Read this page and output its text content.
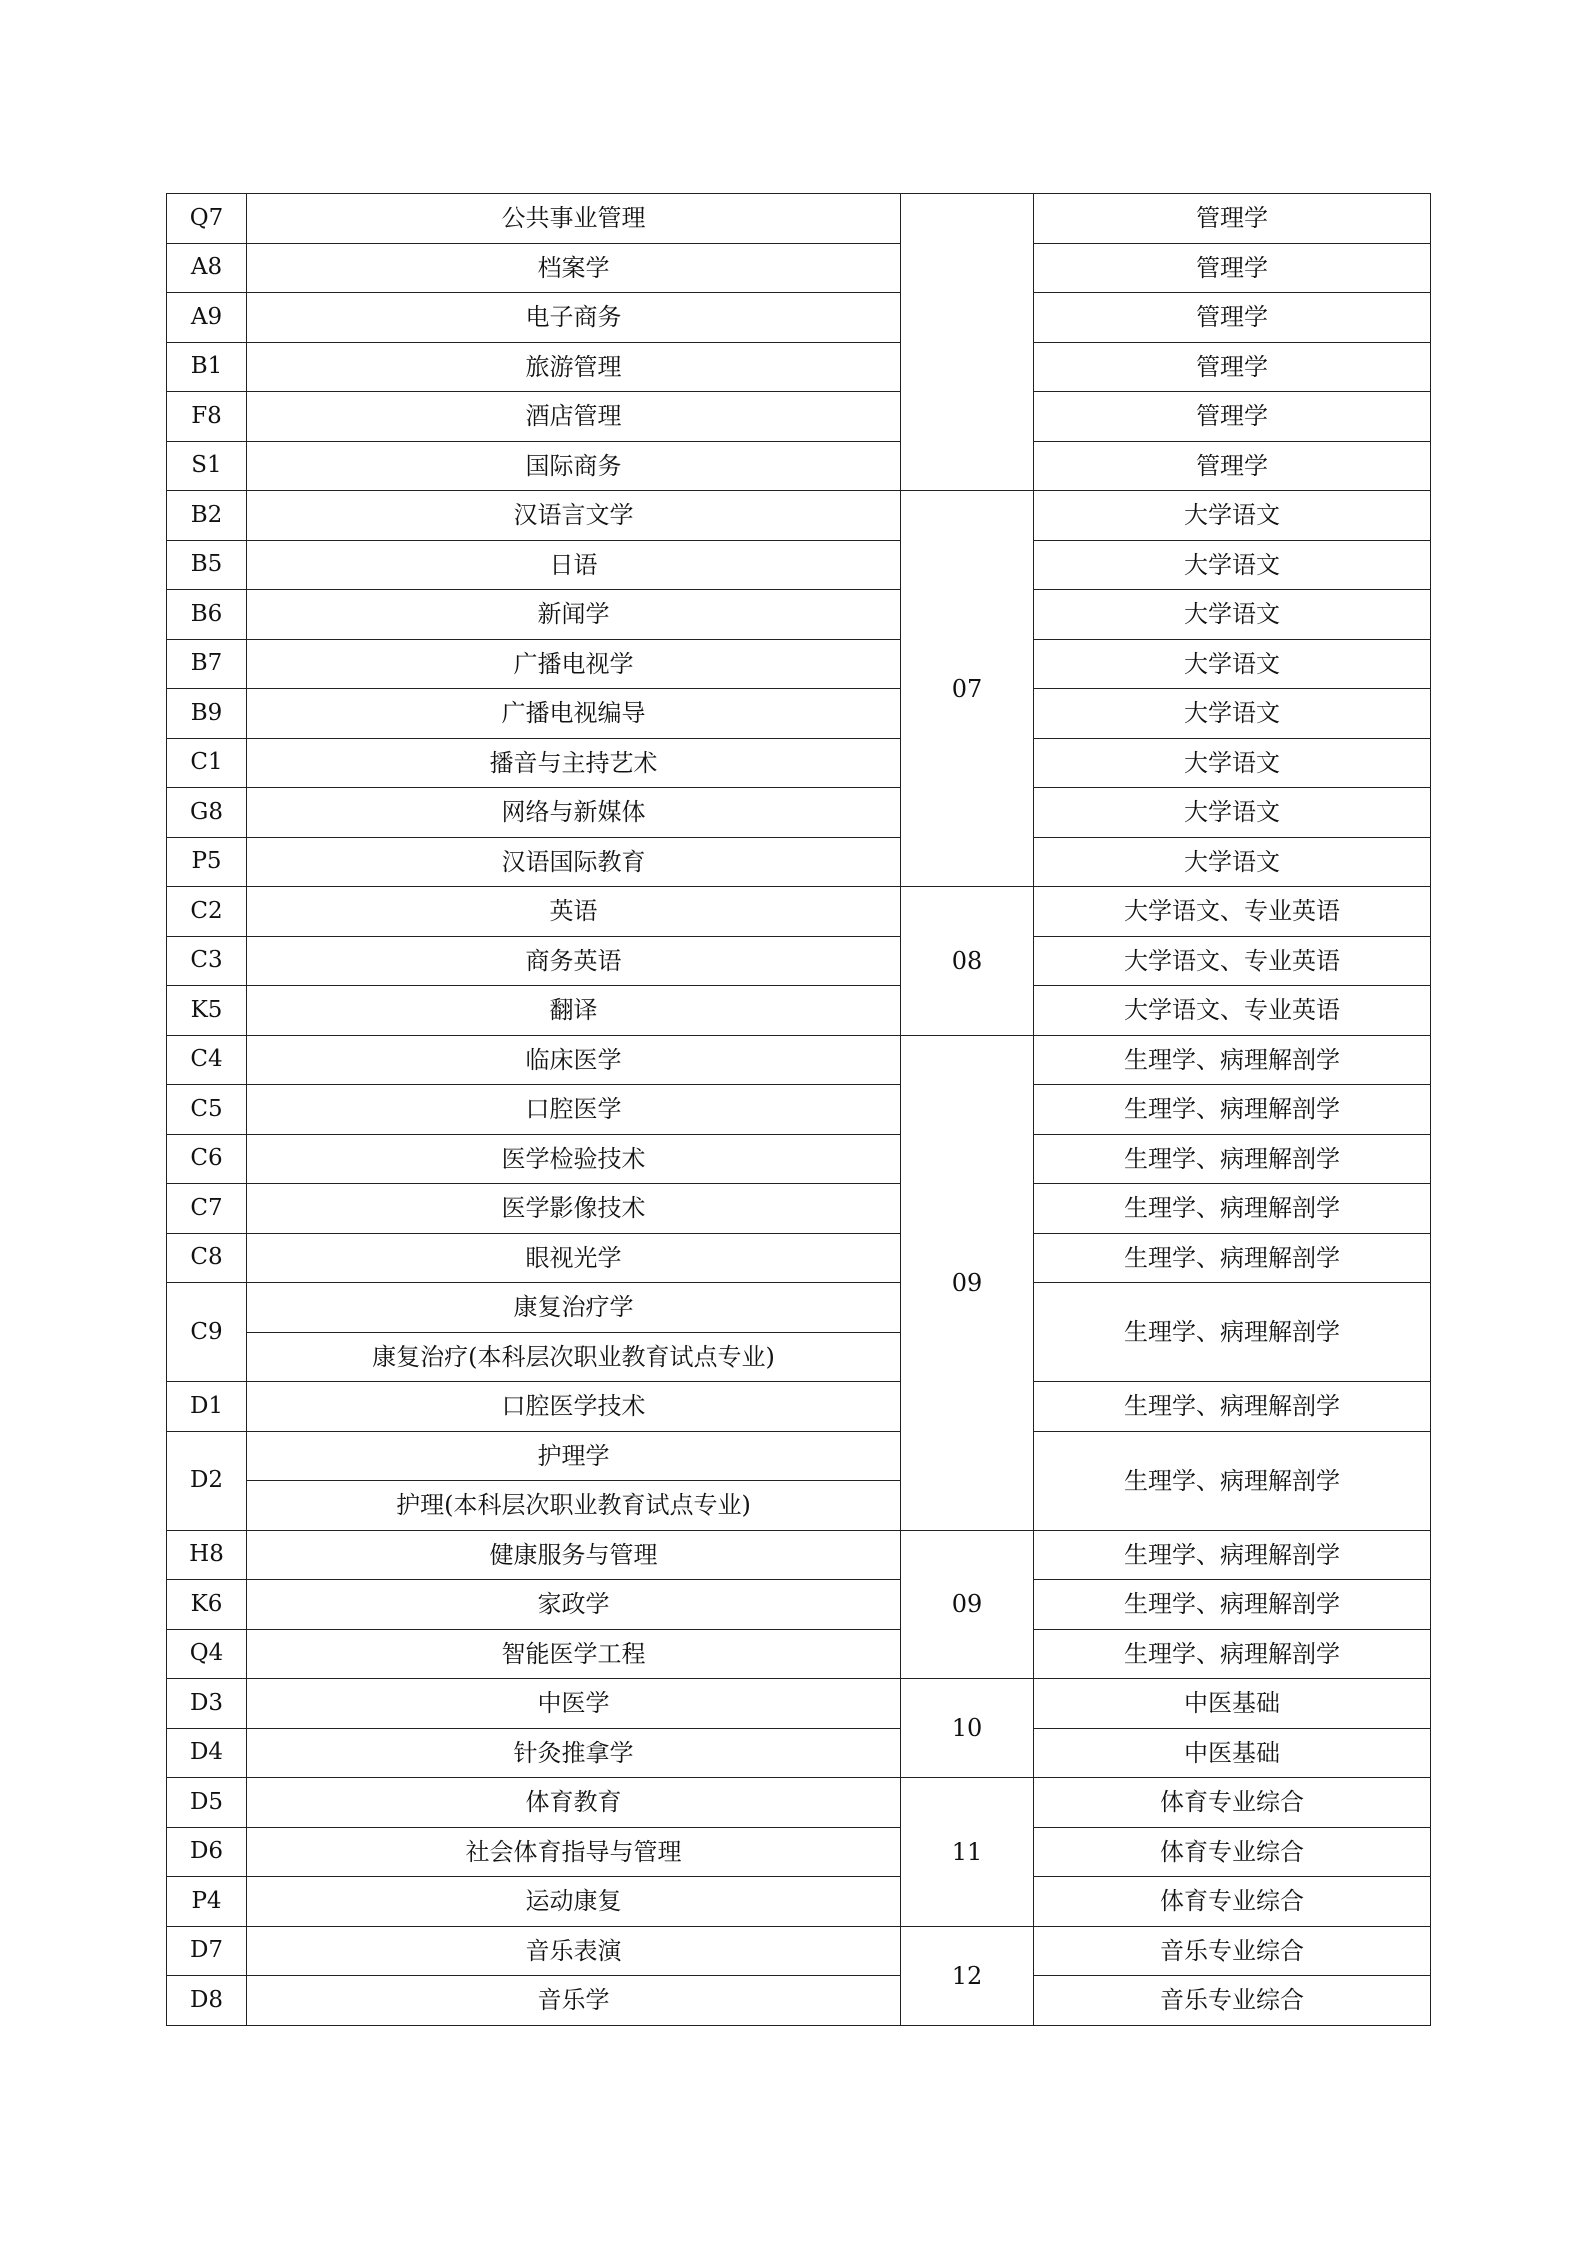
Q7	公共事业管理		管理学
A8	档案学		管理学
A9	电子商务		管理学
B1	旅游管理		管理学
F8	酒店管理		管理学
S1	国际商务		管理学
B2	汉语言文学	07	大学语文
B5	日语		大学语文
B6	新闻学		大学语文
B7	广播电视学		大学语文
B9	广播电视编导		大学语文
C1	播音与主持艺术		大学语文
G8	网络与新媒体		大学语文
P5	汉语国际教育		大学语文
C2	英语	08	大学语文、专业英语
C3	商务英语		大学语文、专业英语
K5	翻译		大学语文、专业英语
C4	临床医学	09	生理学、病理解剖学
C5	口腔医学		生理学、病理解剖学
C6	医学检验技术		生理学、病理解剖学
C7	医学影像技术		生理学、病理解剖学
C8	眼视光学		生理学、病理解剖学
C9	康复治疗学		生理学、病理解剖学
	康复治疗(本科层次职业教育试点专业)		
D1	口腔医学技术		生理学、病理解剖学
D2	护理学		生理学、病理解剖学
	护理(本科层次职业教育试点专业)		
H8	健康服务与管理	09	生理学、病理解剖学
K6	家政学		生理学、病理解剖学
Q4	智能医学工程		生理学、病理解剖学
D3	中医学	10	中医基础
D4	针灸推拿学		中医基础
D5	体育教育	11	体育专业综合
D6	社会体育指导与管理		体育专业综合
P4	运动康复		体育专业综合
D7	音乐表演	12	音乐专业综合
D8	音乐学		音乐专业综合
